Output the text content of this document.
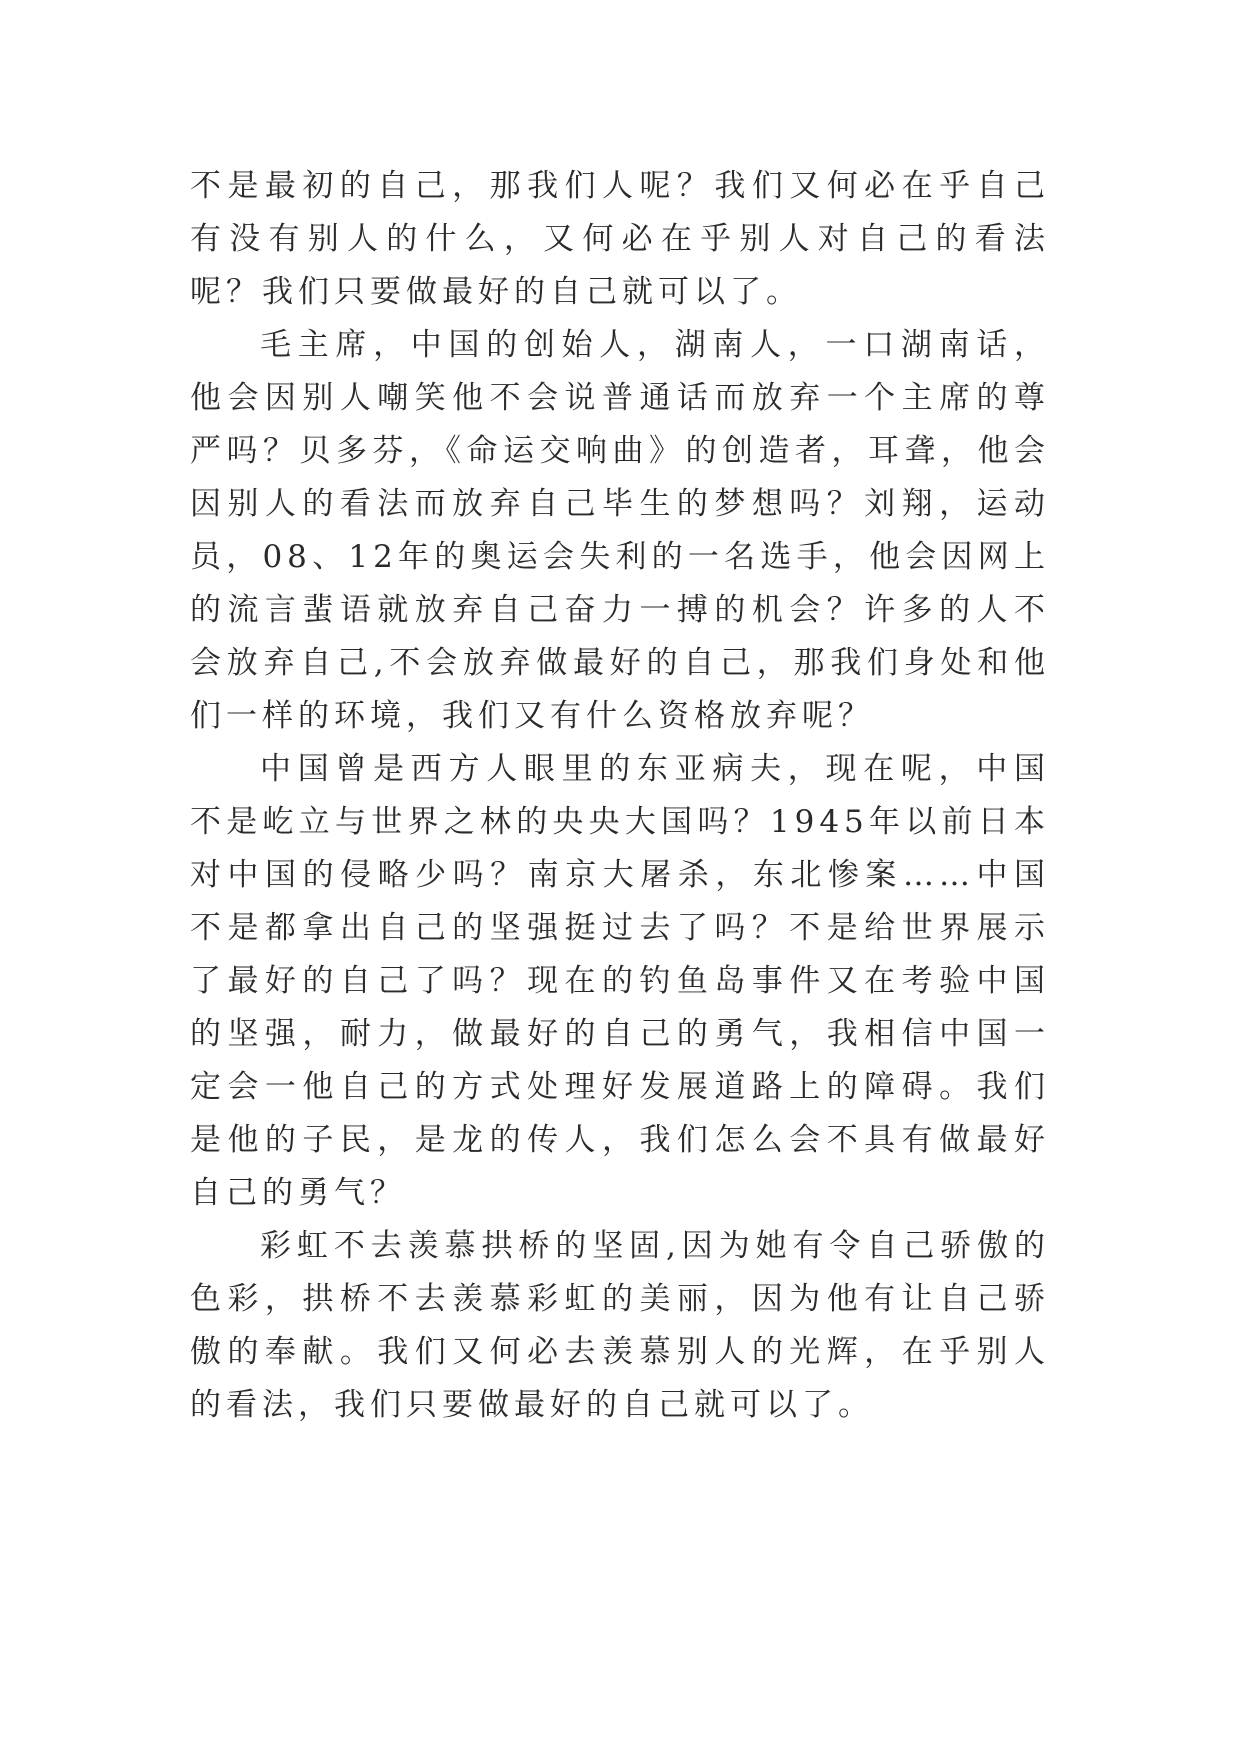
不是最初的自己，那我们人呢？我们又何必在乎自己有没有别人的什么，又何必在乎别人对自己的看法呢？我们只要做最好的自己就可以了。

毛主席，中国的创始人，湖南人，一口湖南话，他会因别人嘲笑他不会说普通话而放弃一个主席的尊严吗？贝多芬，《命运交响曲》的创造者，耳聋，他会因别人的看法而放弃自己毕生的梦想吗？刘翔，运动员，08、12年的奥运会失利的一名选手，他会因网上的流言蜚语就放弃自己奋力一搏的机会？许多的人不会放弃自己,不会放弃做最好的自己，那我们身处和他们一样的环境，我们又有什么资格放弃呢？

中国曾是西方人眼里的东亚病夫，现在呢，中国不是屹立与世界之林的央央大国吗？1945年以前日本对中国的侵略少吗？南京大屠杀，东北惨案……中国不是都拿出自己的坚强挺过去了吗？不是给世界展示了最好的自己了吗？现在的钓鱼岛事件又在考验中国的坚强，耐力，做最好的自己的勇气，我相信中国一定会一他自己的方式处理好发展道路上的障碍。我们是他的子民，是龙的传人，我们怎么会不具有做最好自己的勇气？

彩虹不去羡慕拱桥的坚固,因为她有令自己骄傲的色彩，拱桥不去羡慕彩虹的美丽，因为他有让自己骄傲的奉献。我们又何必去羡慕别人的光辉，在乎别人的看法，我们只要做最好的自己就可以了。
